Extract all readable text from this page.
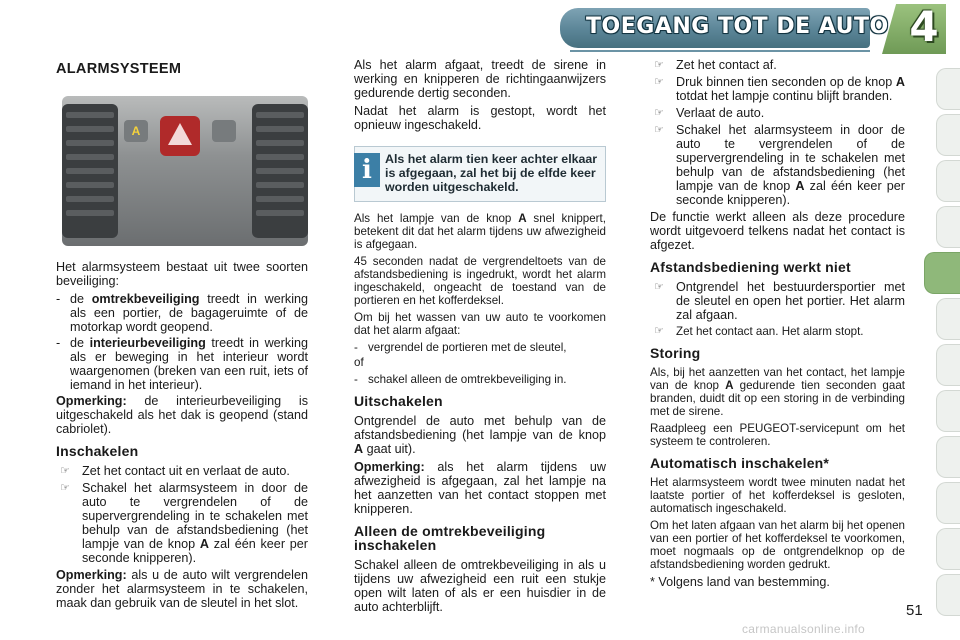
TOEGANG TOT DE AUTO 4
ALARMSYSTEEM
A

Het alarmsysteem bestaat uit twee soorten beveiliging:

- de omtrekbeveiliging treedt in werking als een portier, de bagageruimte of de motorkap wordt geopend.
- de interieurbeveiliging treedt in werking als er beweging in het interieur wordt waargenomen (breken van een ruit, iets of iemand in het interieur).

Opmerking: de interieurbeveiliging is uitgeschakeld als het dak is geopend (stand cabriolet).

Inschakelen
☞ Zet het contact uit en verlaat de auto.
☞ Schakel het alarmsysteem in door de auto te vergrendelen of de supervergrendeling in te schakelen met behulp van de afstandsbediening (het lampje van de knop A zal één keer per seconde knipperen).

Opmerking: als u de auto wilt vergrendelen zonder het alarmsysteem in te schakelen, maak dan gebruik van de sleutel in het slot.

Als het alarm afgaat, treedt de sirene in werking en knipperen de richtingaanwijzers gedurende dertig seconden.

Nadat het alarm is gestopt, wordt het opnieuw ingeschakeld.

i	Als het alarm tien keer achter elkaar is afgegaan, zal het bij de elfde keer worden uitgeschakeld.

Als het lampje van de knop A snel knippert, betekent dit dat het alarm tijdens uw afwezigheid is afgegaan.

45 seconden nadat de vergrendeltoets van de afstandsbediening is ingedrukt, wordt het alarm ingeschakeld, ongeacht de toestand van de portieren en het kofferdeksel.

Om bij het wassen van uw auto te voorkomen dat het alarm afgaat:

- vergrendel de portieren met de sleutel,

of

- schakel alleen de omtrekbeveiliging in.
Uitschakelen

Ontgrendel de auto met behulp van de afstandsbediening (het lampje van de knop A gaat uit).

Opmerking: als het alarm tijdens uw afwezigheid is afgegaan, zal het lampje na het aanzetten van het contact stoppen met knipperen.

Alleen de omtrekbeveiliging inschakelen

Schakel alleen de omtrekbeveiliging in als u tijdens uw afwezigheid een ruit een stukje open wilt laten of als er een huisdier in de auto achterblijft.

☞ Zet het contact af.
☞ Druk binnen tien seconden op de knop A totdat het lampje continu blijft branden.
☞ Verlaat de auto.
☞ Schakel het alarmsysteem in door de auto te vergrendelen of de supervergrendeling in te schakelen met behulp van de afstandsbediening (het lampje van de knop A zal één keer per seconde knipperen).

De functie werkt alleen als deze procedure wordt uitgevoerd telkens nadat het contact is afgezet.

Afstandsbediening werkt niet
☞ Ontgrendel het bestuurdersportier met de sleutel en open het portier. Het alarm zal afgaan.
☞	Zet het contact aan. Het alarm stopt.
Storing

Als, bij het aanzetten van het contact, het lampje van de knop A gedurende tien seconden gaat branden, duidt dit op een storing in de verbinding met de sirene.

Raadpleeg een PEUGEOT-servicepunt om het systeem te controleren.

Automatisch inschakelen*

Het alarmsysteem wordt twee minuten nadat het laatste portier of het kofferdeksel is gesloten, automatisch ingeschakeld.

Om het laten afgaan van het alarm bij het openen van een portier of het kofferdeksel te voorkomen, moet nogmaals op de ontgrendelknop op de afstandsbediening worden gedrukt.

* Volgens land van bestemming.

51
carmanualsonline.info
